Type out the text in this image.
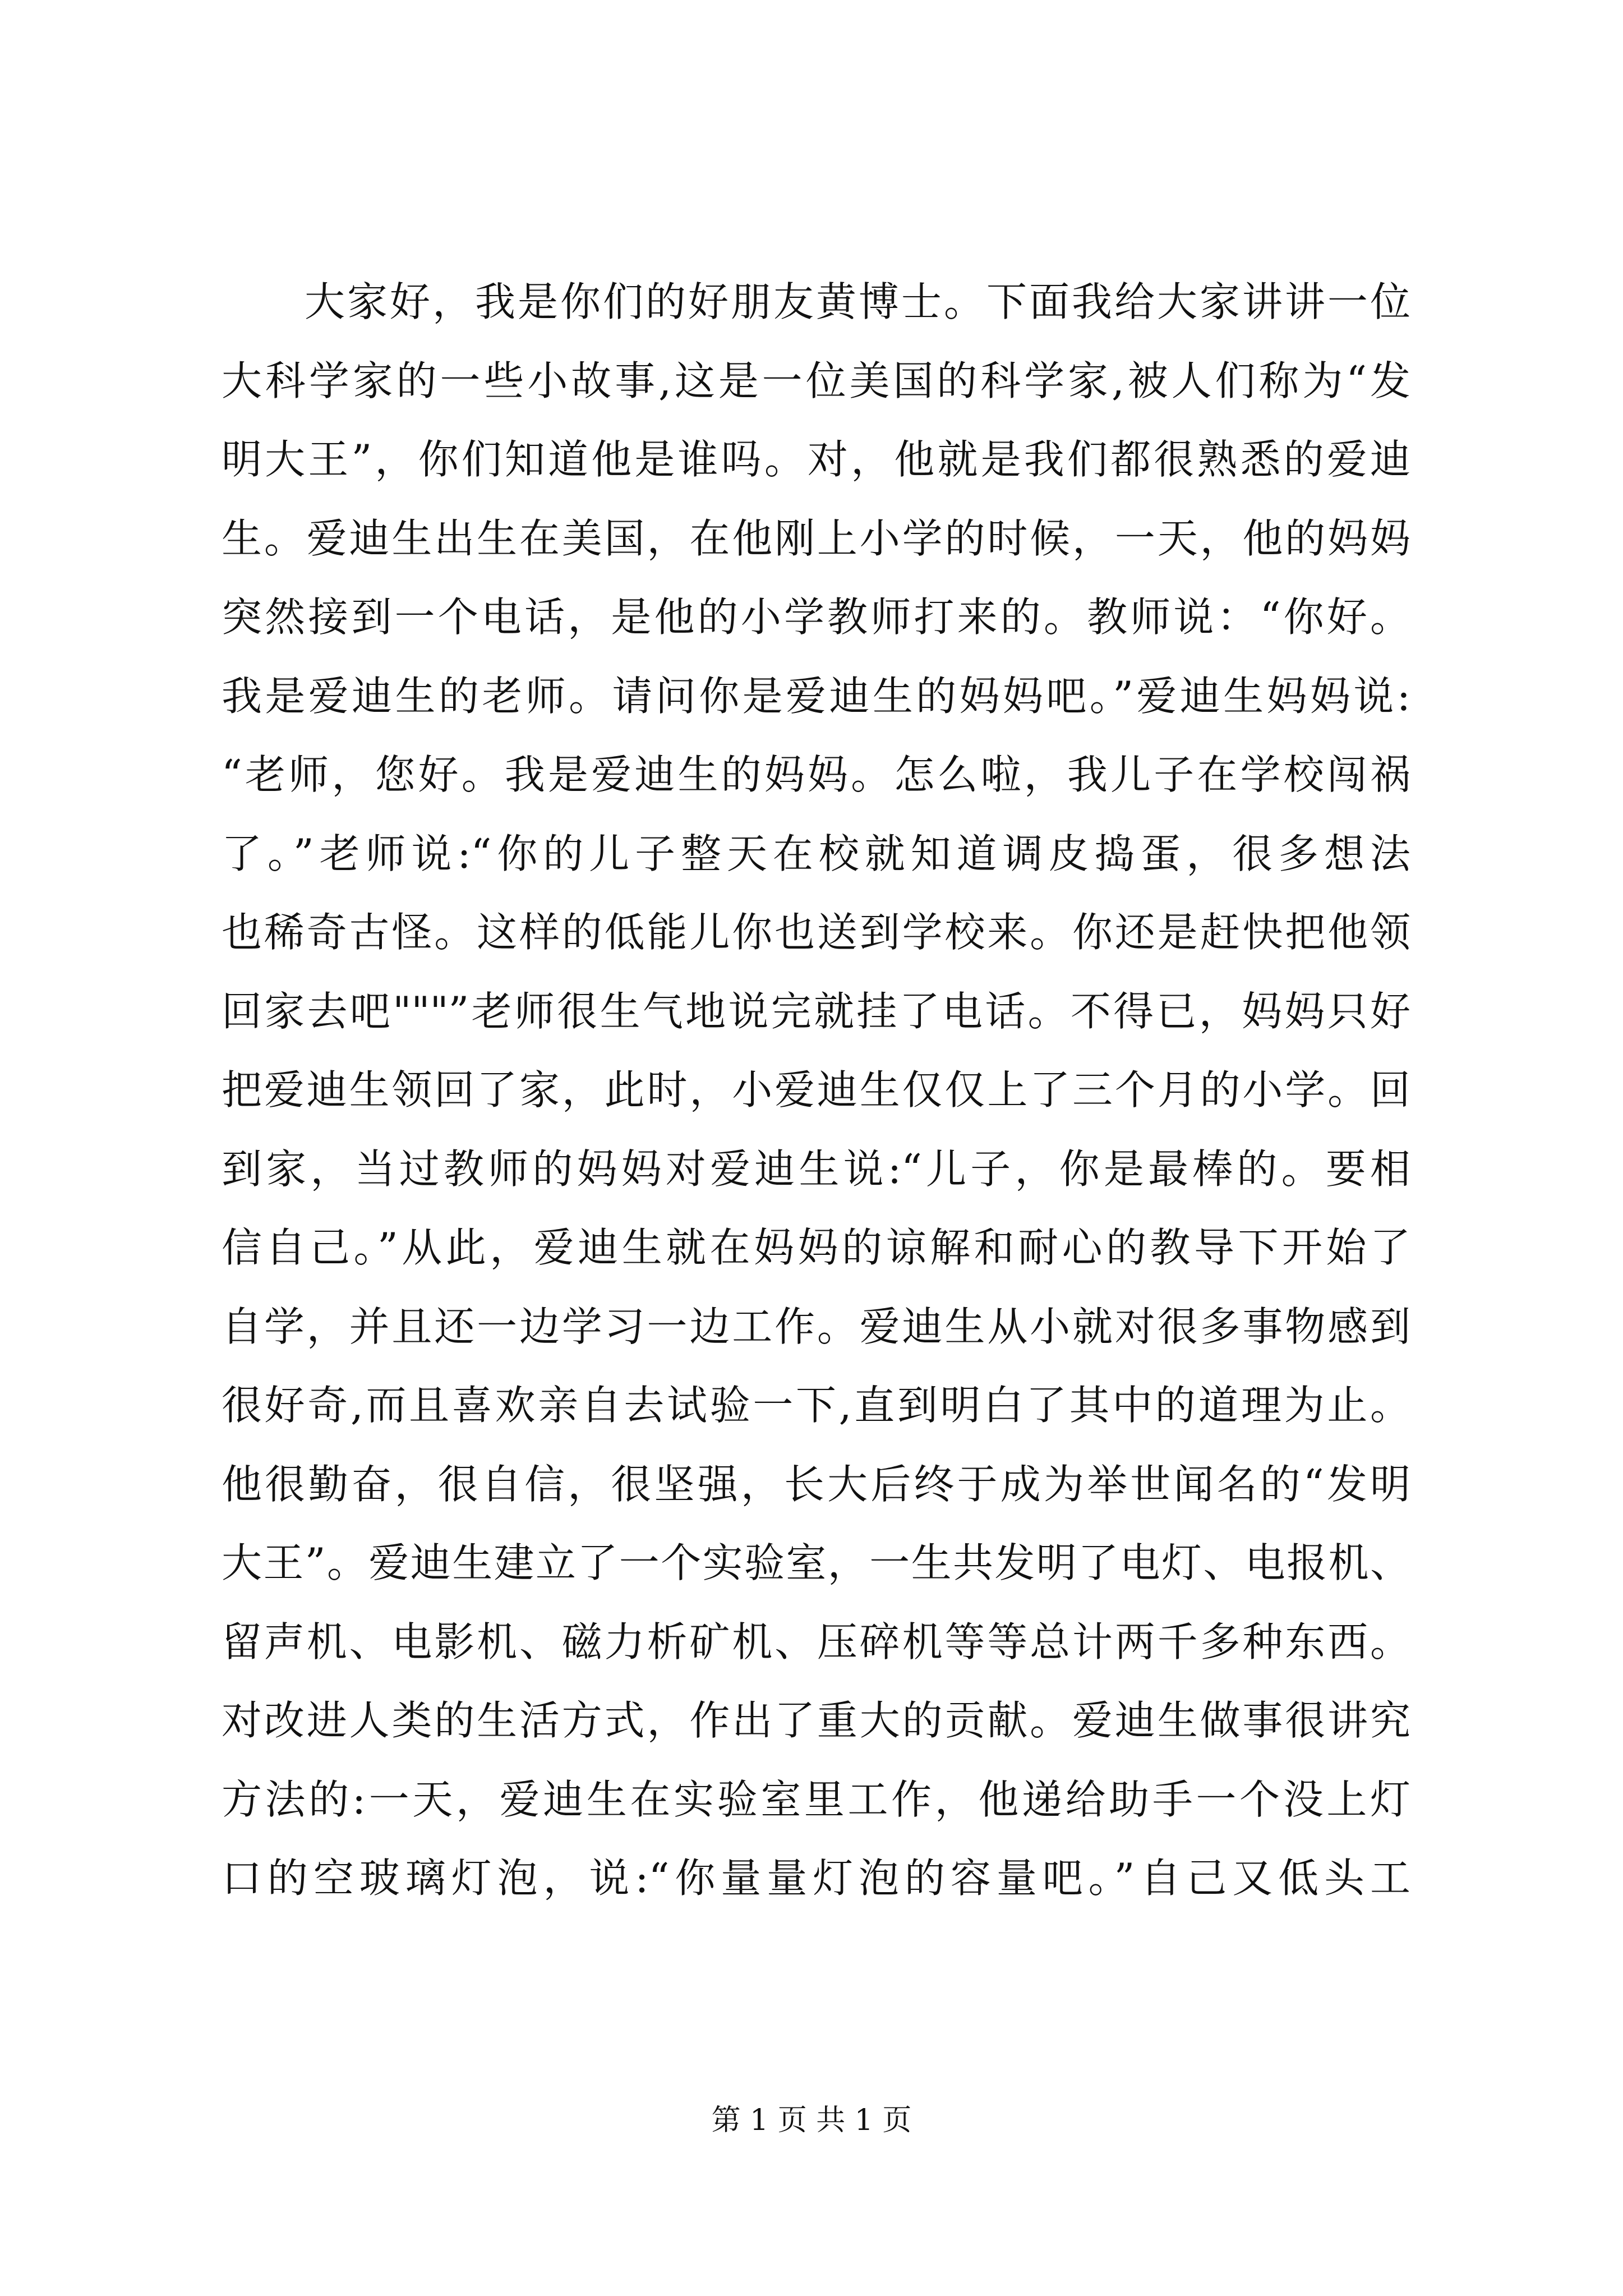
大家好，我是你们的好朋友黄博士。下面我给大家讲讲一位
大科学家的一些小故事,这是一位美国的科学家,被人们称为“发
明大王”，你们知道他是谁吗。对，他就是我们都很熟悉的爱迪
生。爱迪生出生在美国，在他刚上小学的时候，一天，他的妈妈
突然接到一个电话，是他的小学教师打来的。教师说：“你好。
我是爱迪生的老师。请问你是爱迪生的妈妈吧。”爱迪生妈妈说:
“老师，您好。我是爱迪生的妈妈。怎么啦，我儿子在学校闯祸
了。”老师说:“你的儿子整天在校就知道调皮捣蛋，很多想法
也稀奇古怪。这样的低能儿你也送到学校来。你还是赶快把他领
回家去吧"""”老师很生气地说完就挂了电话。不得已，妈妈只好
把爱迪生领回了家，此时，小爱迪生仅仅上了三个月的小学。回
到家，当过教师的妈妈对爱迪生说:“儿子，你是最棒的。要相
信自己。”从此，爱迪生就在妈妈的谅解和耐心的教导下开始了
自学，并且还一边学习一边工作。爱迪生从小就对很多事物感到
很好奇,而且喜欢亲自去试验一下,直到明白了其中的道理为止。
他很勤奋，很自信，很坚强，长大后终于成为举世闻名的“发明
大王”。爱迪生建立了一个实验室，一生共发明了电灯、电报机、
留声机、电影机、磁力析矿机、压碎机等等总计两千多种东西。
对改进人类的生活方式，作出了重大的贡献。爱迪生做事很讲究
方法的:一天，爱迪生在实验室里工作，他递给助手一个没上灯
口的空玻璃灯泡，说:“你量量灯泡的容量吧。”自己又低头工
第 1 页 共 1 页
